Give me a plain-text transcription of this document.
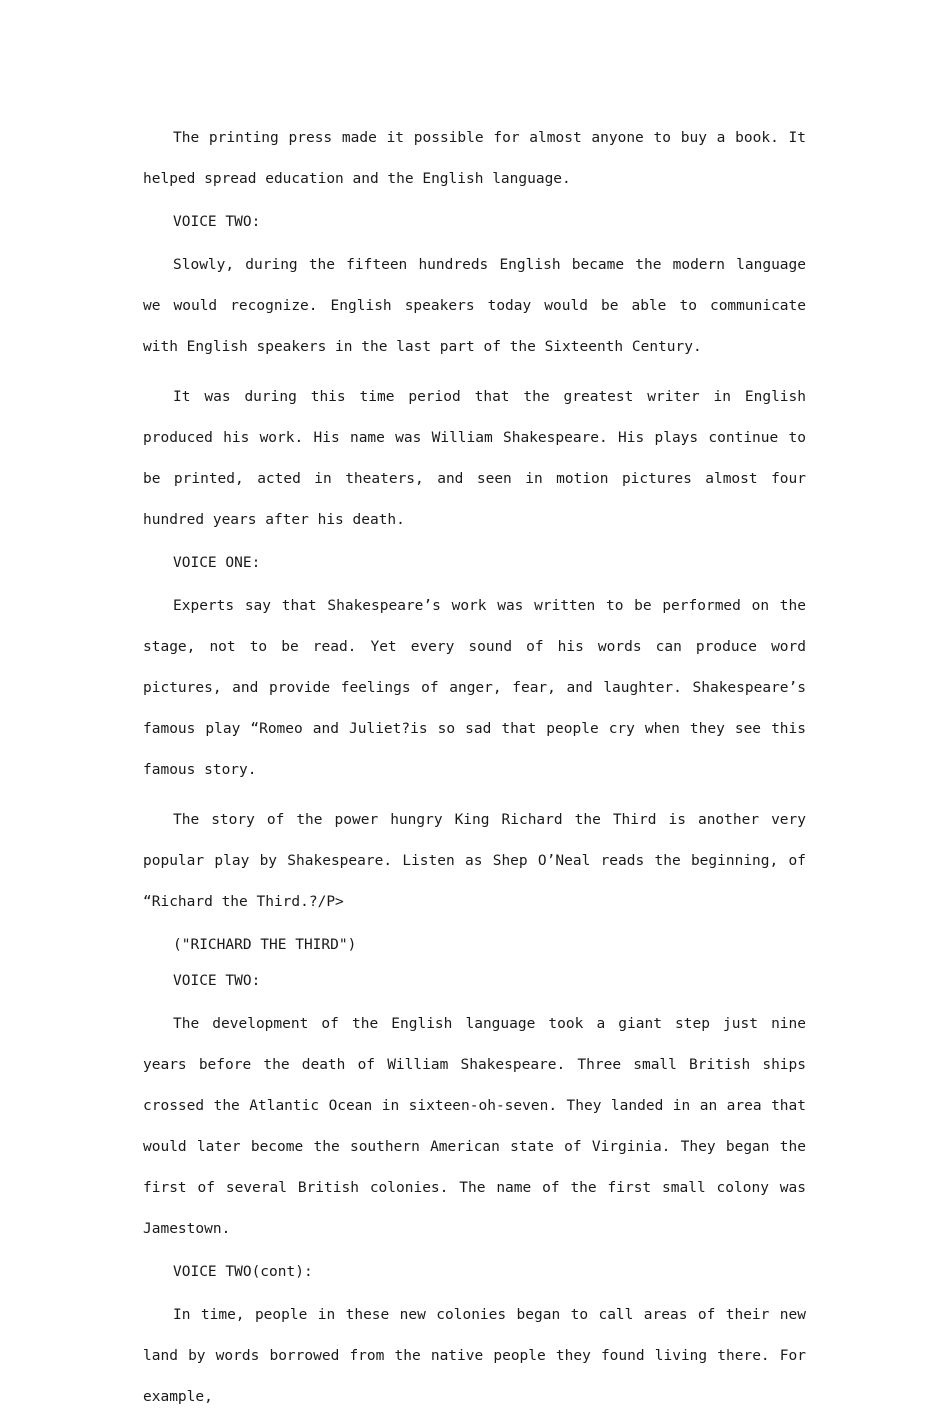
The printing press made it possible for almost anyone to buy a book. It helped spread education and the English language.

VOICE TWO:

Slowly, during the fifteen hundreds English became the modern language we would recognize. English speakers today would be able to communicate with English speakers in the last part of the Sixteenth Century.

It was during this time period that the greatest writer in English produced his work. His name was William Shakespeare. His plays continue to be printed, acted in theaters, and seen in motion pictures almost four hundred years after his death.

VOICE ONE:

Experts say that Shakespeare’s work was written to be performed on the stage, not to be read. Yet every sound of his words can produce word pictures, and provide feelings of anger, fear, and laughter. Shakespeare’s famous play “Romeo and Juliet?is so sad that people cry when they see this famous story.

The story of the power hungry King Richard the Third is another very popular play by Shakespeare. Listen as Shep O’Neal reads the beginning, of “Richard the Third.?/P>

("RICHARD THE THIRD")

VOICE TWO:

The development of the English language took a giant step just nine years before the death of William Shakespeare. Three small British ships crossed the Atlantic Ocean in sixteen-oh-seven. They landed in an area that would later become the southern American state of Virginia. They began the first of several British colonies. The name of the first small colony was Jamestown.

VOICE TWO(cont):

In time, people in these new colonies began to call areas of their new land by words borrowed from the native people they found living there. For example,
